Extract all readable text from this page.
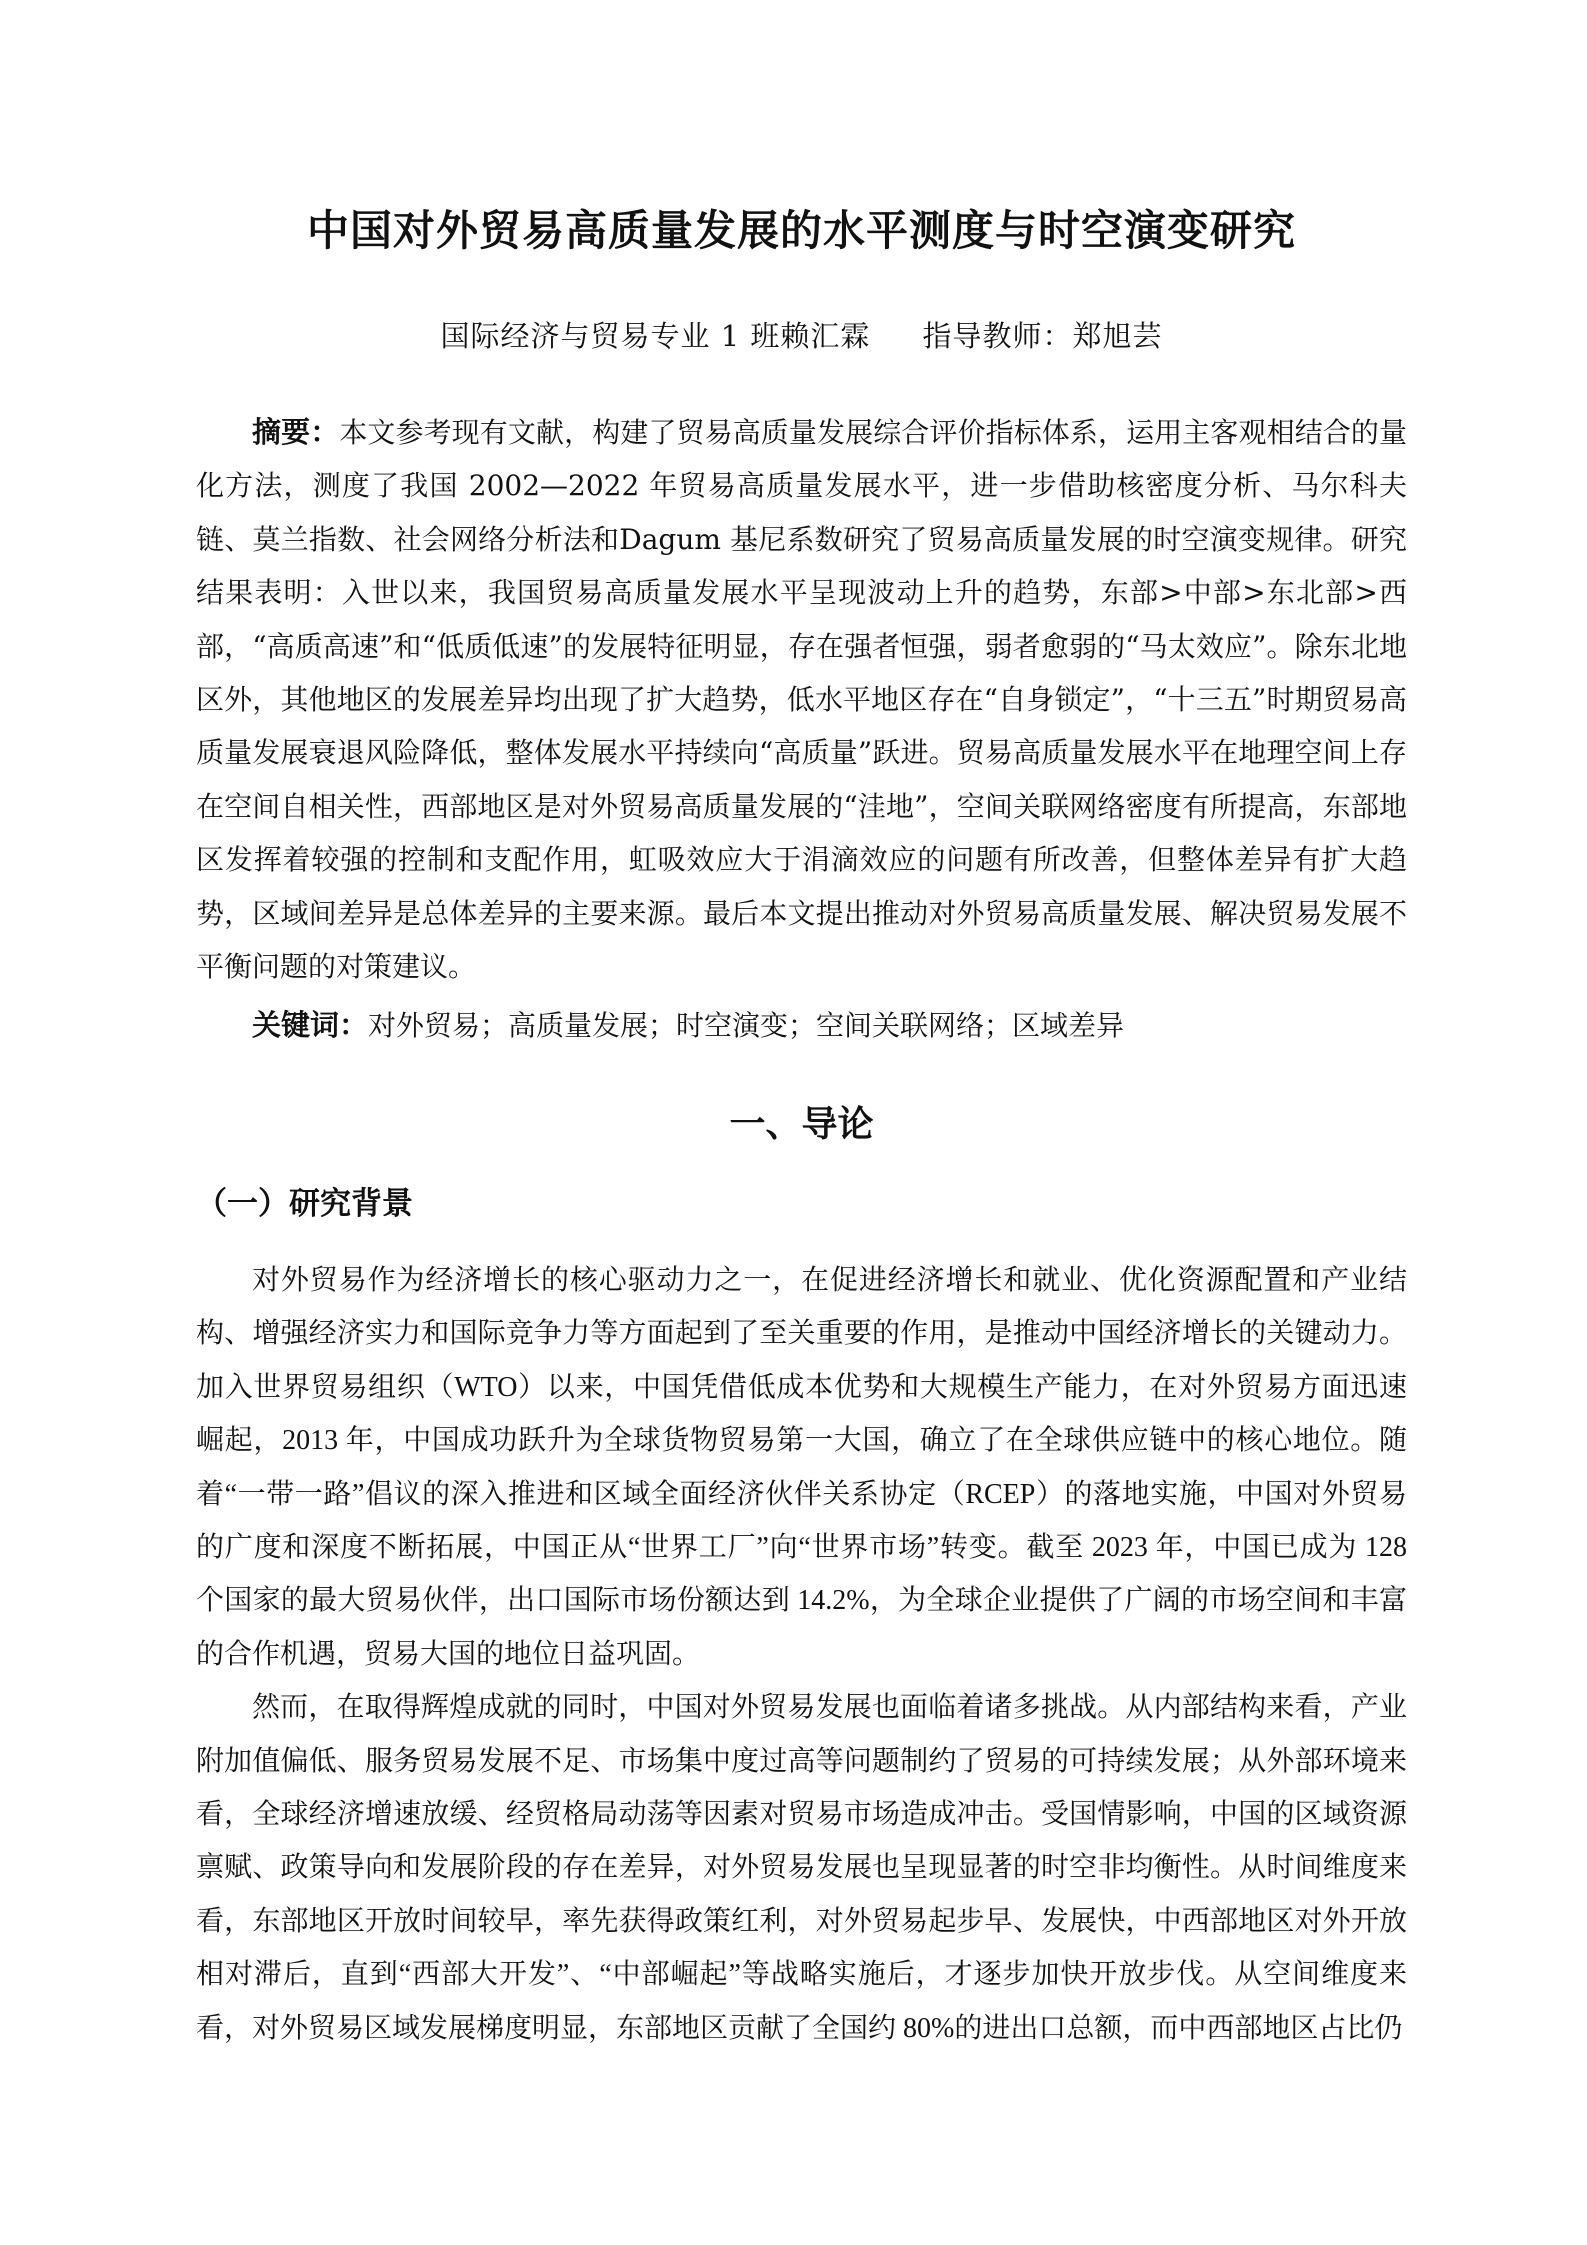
中国对外贸易高质量发展的水平测度与时空演变研究
国际经济与贸易专业 1 班赖汇霖 指导教师：郑旭芸

摘要：本文参考现有文献，构建了贸易高质量发展综合评价指标体系，运用主客观相结合的量化方法，测度了我国 2002—2022 年贸易高质量发展水平，进一步借助核密度分析、马尔科夫链、莫兰指数、社会网络分析法和Dagum 基尼系数研究了贸易高质量发展的时空演变规律。研究结果表明：入世以来，我国贸易高质量发展水平呈现波动上升的趋势，东部>中部>东北部>西部，“高质高速”和“低质低速”的发展特征明显，存在强者恒强，弱者愈弱的“马太效应”。除东北地区外，其他地区的发展差异均出现了扩大趋势，低水平地区存在“自身锁定”，“十三五”时期贸易高质量发展衰退风险降低，整体发展水平持续向“高质量”跃进。贸易高质量发展水平在地理空间上存在空间自相关性，西部地区是对外贸易高质量发展的“洼地”，空间关联网络密度有所提高，东部地区发挥着较强的控制和支配作用，虹吸效应大于涓滴效应的问题有所改善，但整体差异有扩大趋势，区域间差异是总体差异的主要来源。最后本文提出推动对外贸易高质量发展、解决贸易发展不平衡问题的对策建议。

关键词：对外贸易；高质量发展；时空演变；空间关联网络；区域差异

一、导论
（一）研究背景

对外贸易作为经济增长的核心驱动力之一，在促进经济增长和就业、优化资源配置和产业结构、增强经济实力和国际竞争力等方面起到了至关重要的作用，是推动中国经济增长的关键动力。加入世界贸易组织（WTO）以来，中国凭借低成本优势和大规模生产能力，在对外贸易方面迅速崛起，2013 年，中国成功跃升为全球货物贸易第一大国，确立了在全球供应链中的核心地位。随着“一带一路”倡议的深入推进和区域全面经济伙伴关系协定（RCEP）的落地实施，中国对外贸易的广度和深度不断拓展，中国正从“世界工厂”向“世界市场”转变。截至 2023 年，中国已成为 128 个国家的最大贸易伙伴，出口国际市场份额达到 14.2%，为全球企业提供了广阔的市场空间和丰富的合作机遇，贸易大国的地位日益巩固。

然而，在取得辉煌成就的同时，中国对外贸易发展也面临着诸多挑战。从内部结构来看，产业附加值偏低、服务贸易发展不足、市场集中度过高等问题制约了贸易的可持续发展；从外部环境来看，全球经济增速放缓、经贸格局动荡等因素对贸易市场造成冲击。受国情影响，中国的区域资源禀赋、政策导向和发展阶段的存在差异，对外贸易发展也呈现显著的时空非均衡性。从时间维度来看，东部地区开放时间较早，率先获得政策红利，对外贸易起步早、发展快，中西部地区对外开放相对滞后，直到“西部大开发”、“中部崛起”等战略实施后，才逐步加快开放步伐。从空间维度来看，对外贸易区域发展梯度明显，东部地区贡献了全国约 80%的进出口总额，而中西部地区占比仍
